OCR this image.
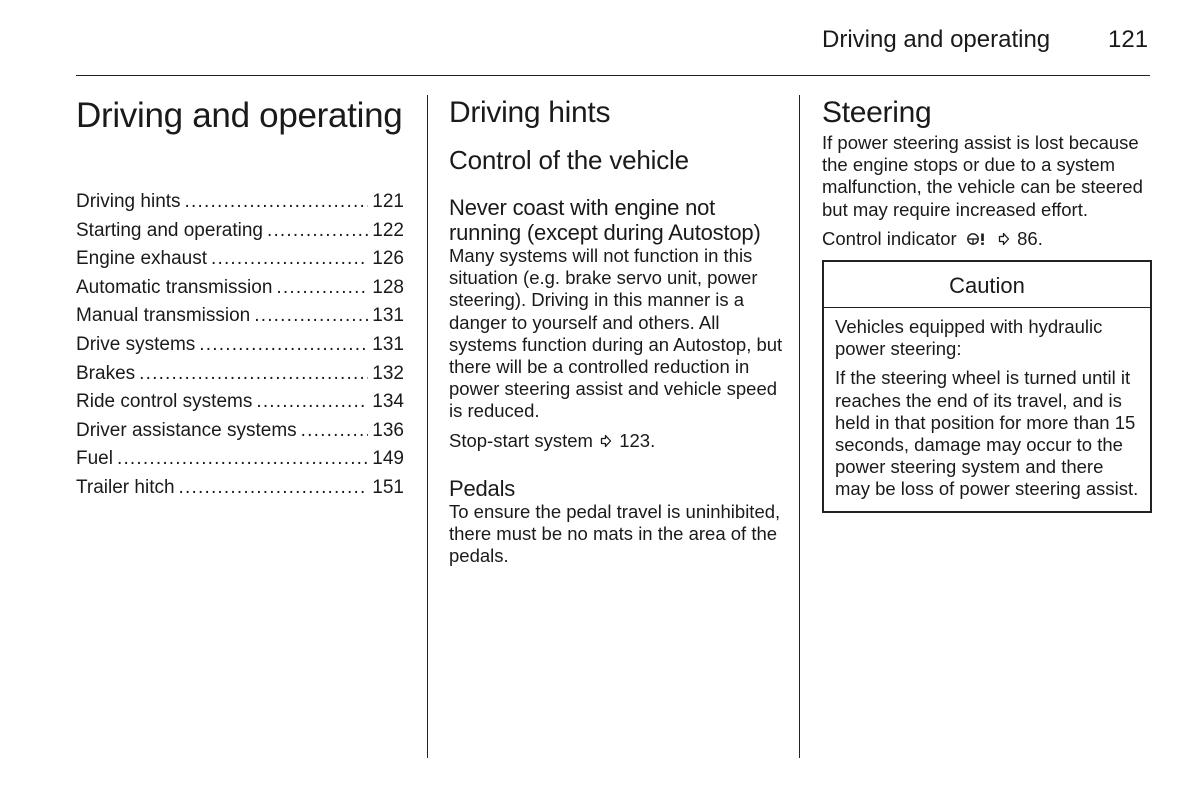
Driving and operating 121
Driving and operating
Driving hints .....	121
Starting and operating .....	122
Engine exhaust .....	126
Automatic transmission .....	128
Manual transmission .....	131
Drive systems .....	131
Brakes .....	132
Ride control systems .....	134
Driver assistance systems .....	136
Fuel .....	149
Trailer hitch .....	151
Driving hints
Control of the vehicle
Never coast with engine not running (except during Autostop)

Many systems will not function in this situation (e.g. brake servo unit, power steering). Driving in this manner is a danger to yourself and others. All systems function during an Autostop, but there will be a controlled reduction in power steering assist and vehicle speed is reduced.

Stop-start system 123.

Pedals

To ensure the pedal travel is uninhibited, there must be no mats in the area of the pedals.

Steering

If power steering assist is lost because the engine stops or due to a system malfunction, the vehicle can be steered but may require increased effort.

Control indicator	86.

Caution

Vehicles equipped with hydraulic power steering:

If the steering wheel is turned until it reaches the end of its travel, and is held in that position for more than 15 seconds, damage may occur to the power steering system and there may be loss of power steering assist.
